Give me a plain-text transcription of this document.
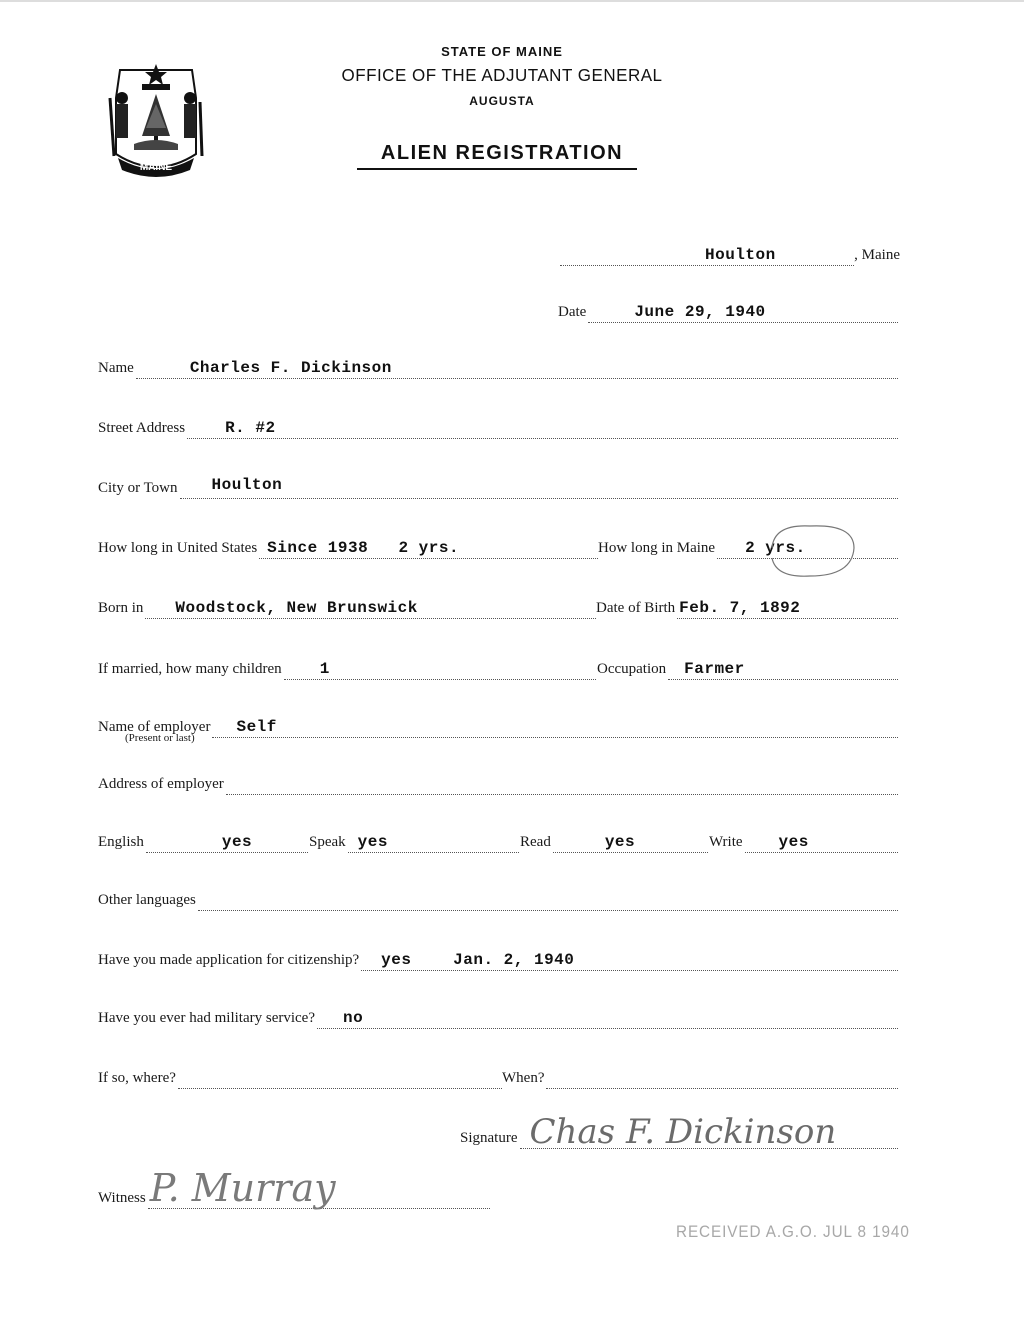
MAINE
STATE OF MAINE
OFFICE OF THE ADJUTANT GENERAL
AUGUSTA
ALIEN REGISTRATION
Houlton	, Maine
Date	June 29, 1940
Name	Charles F. Dickinson
Street Address	R. #2
City or Town Houlton
How long in United States Since 1938   2 yrs.	How long in Maine 2 yrs.
Born in Woodstock, New Brunswick	Date of Birth Feb. 7, 1892
If married, how many children 1	Occupation Farmer
Name of employer Self
(Present or last)
Address of employer
English	yes	Speak yes	Read	yes	Write yes
Other languages
Have you made application for citizenship? yes	Jan. 2, 1940
Have you ever had military service? no
If so, where?	When?
Signature Chas F. Dickinson
Witness P. Murray
RECEIVED A.G.O. JUL 8 1940
